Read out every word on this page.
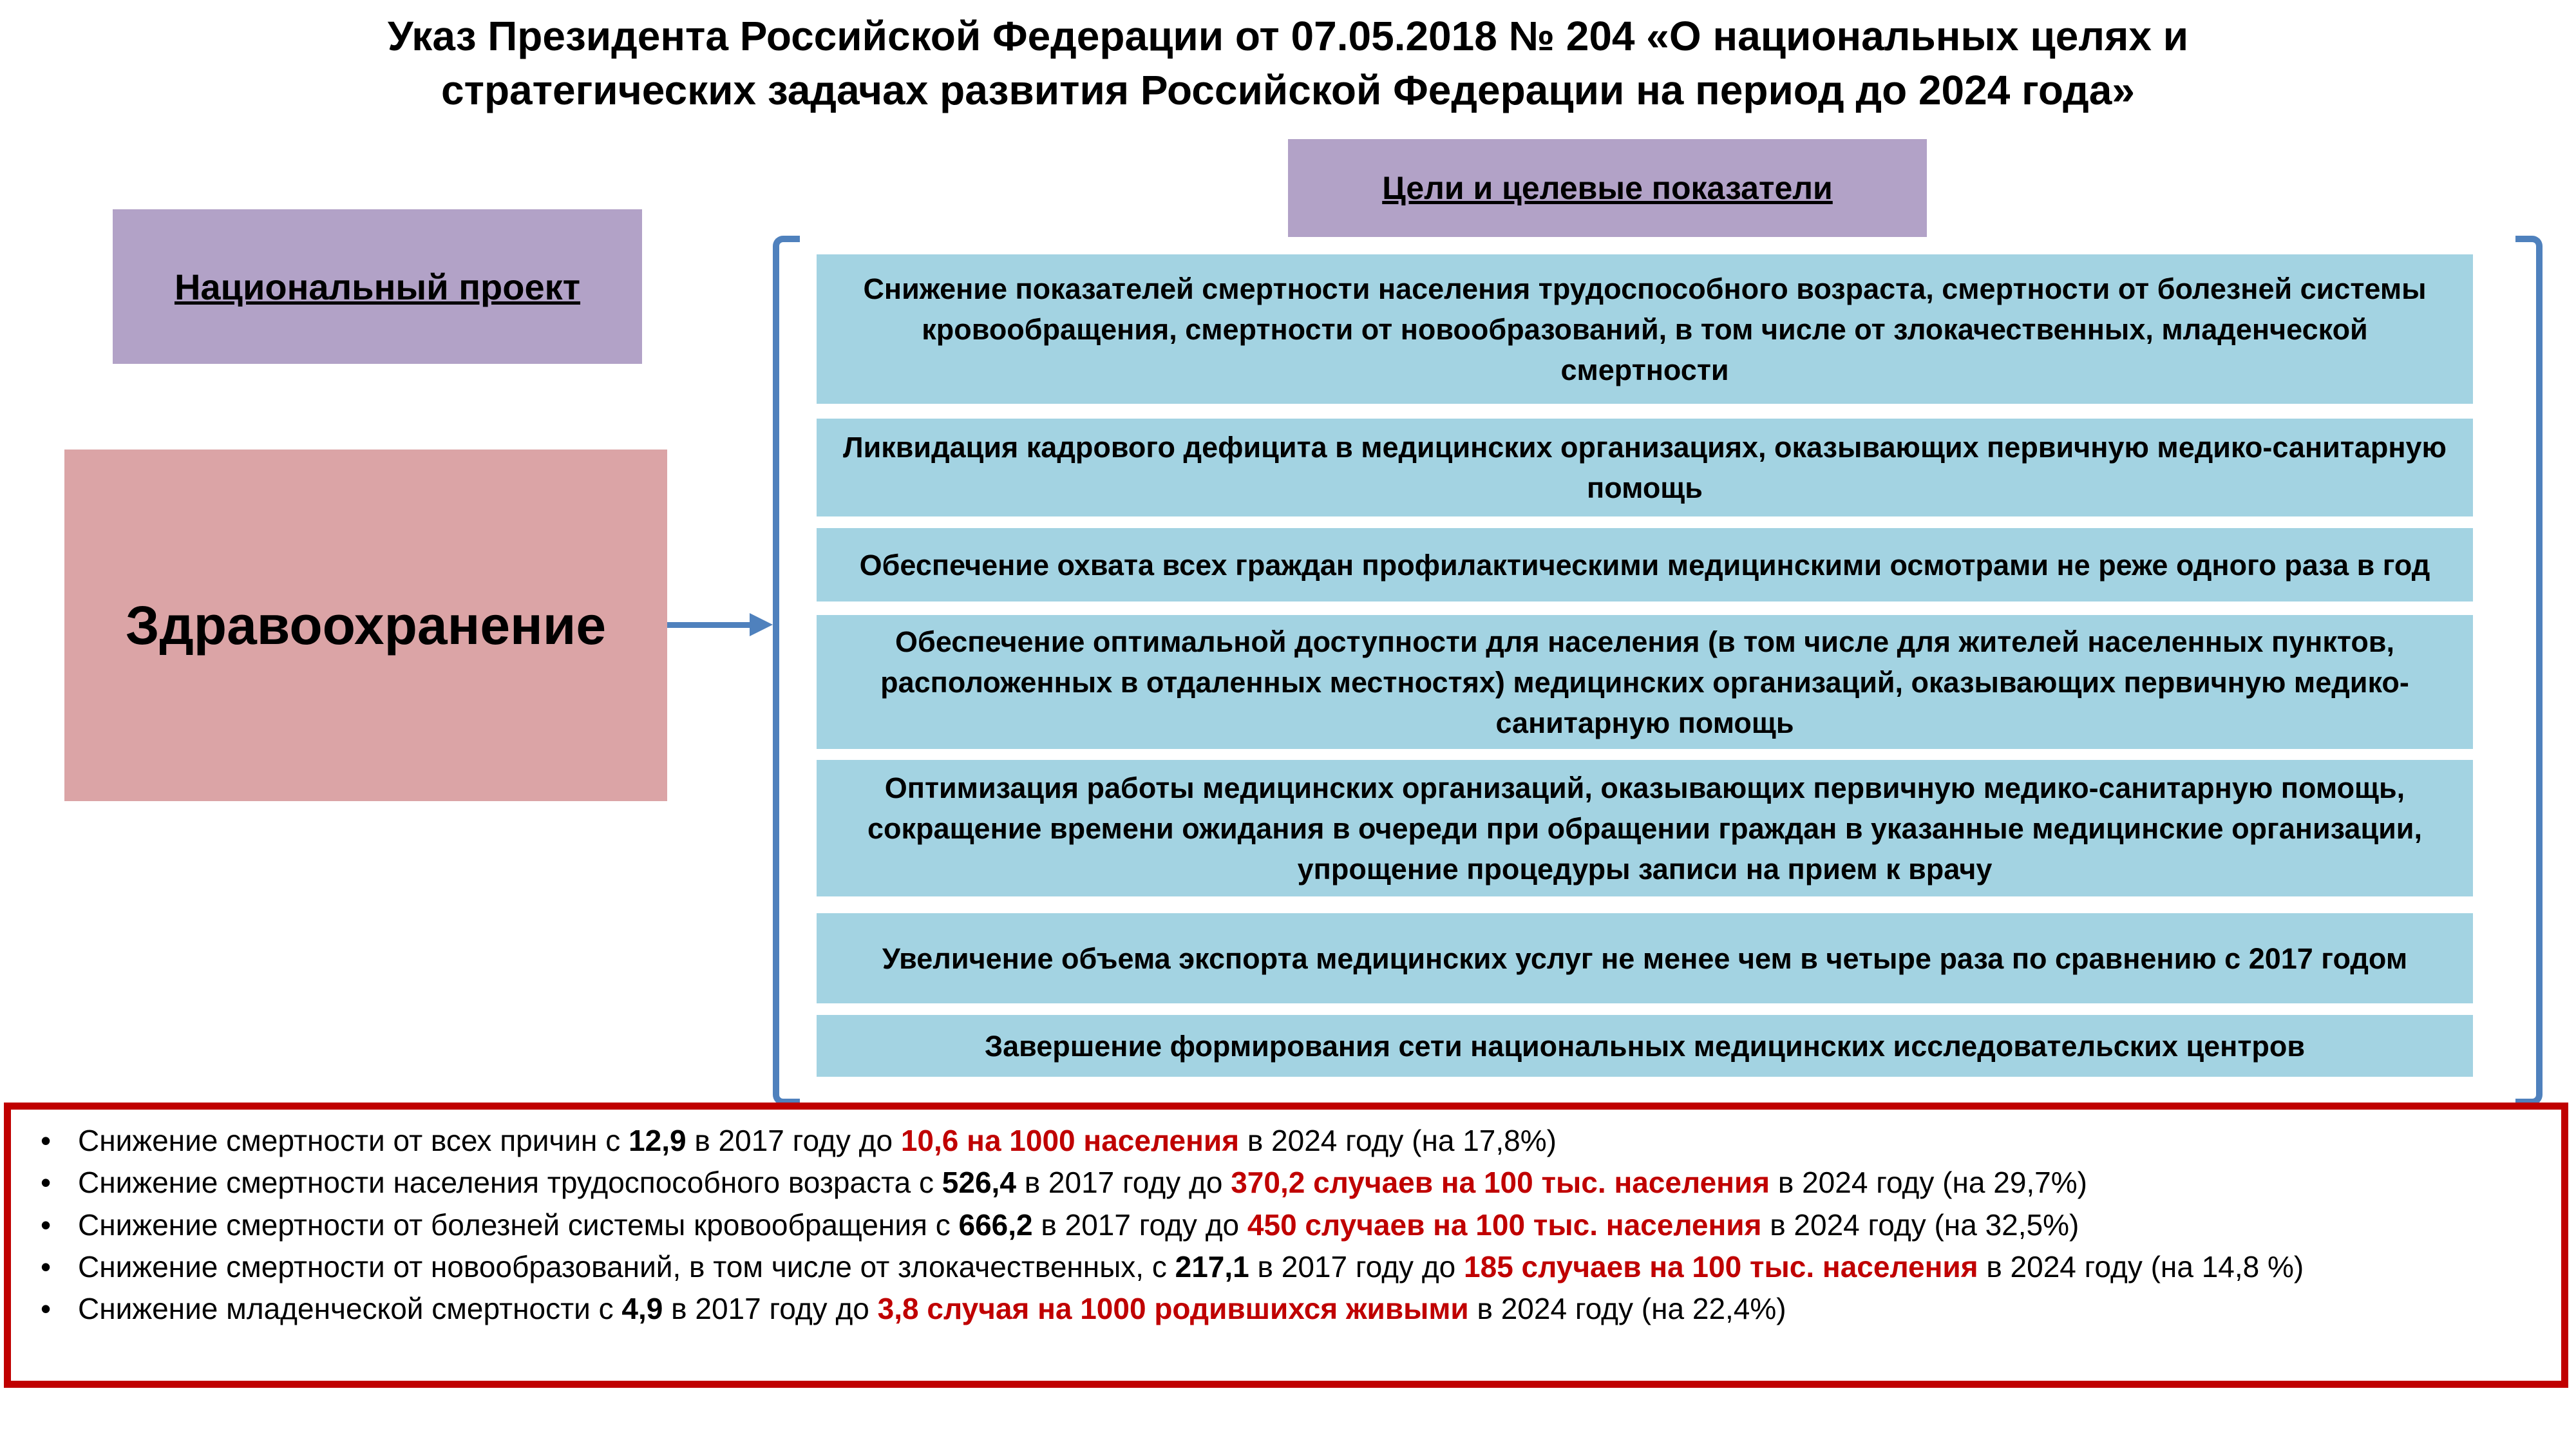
Указ Президента Российской Федерации от 07.05.2018 № 204 «О национальных целях и
стратегических задачах развития Российской Федерации на период до 2024 года»
Цели и целевые показатели
Национальный проект
Здравоохранение
Снижение показателей смертности населения трудоспособного возраста, смертности от болезней системы кровообращения, смертности от новообразований, в том числе от злокачественных, младенческой смертности
Ликвидация кадрового дефицита в медицинских организациях, оказывающих первичную медико-санитарную помощь
Обеспечение охвата всех граждан профилактическими медицинскими осмотрами не реже одного раза в год
Обеспечение оптимальной доступности для населения (в том числе для жителей населенных пунктов, расположенных в отдаленных местностях) медицинских организаций, оказывающих первичную медико-санитарную помощь
Оптимизация работы медицинских организаций, оказывающих первичную медико-санитарную помощь, сокращение времени ожидания в очереди при обращении граждан в указанные медицинские организации, упрощение процедуры записи на прием к врачу
Увеличение объема экспорта медицинских услуг не менее чем в четыре раза по сравнению с 2017 годом
Завершение формирования сети национальных медицинских исследовательских центров
• Снижение смертности от всех причин с 12,9 в 2017 году до 10,6 на 1000 населения в 2024 году (на 17,8%)
• Снижение смертности населения трудоспособного возраста с 526,4 в 2017 году до 370,2 случаев на 100 тыс. населения в 2024 году (на 29,7%)
• Снижение смертности от болезней системы кровообращения с 666,2 в 2017 году до 450 случаев на 100 тыс. населения в 2024 году (на 32,5%)
• Снижение смертности от новообразований, в том числе от злокачественных, с 217,1 в 2017 году до 185 случаев на 100 тыс. населения в 2024 году (на 14,8 %)
• Снижение младенческой смертности с 4,9 в 2017 году до 3,8 случая на 1000 родившихся живыми в 2024 году (на 22,4%)
